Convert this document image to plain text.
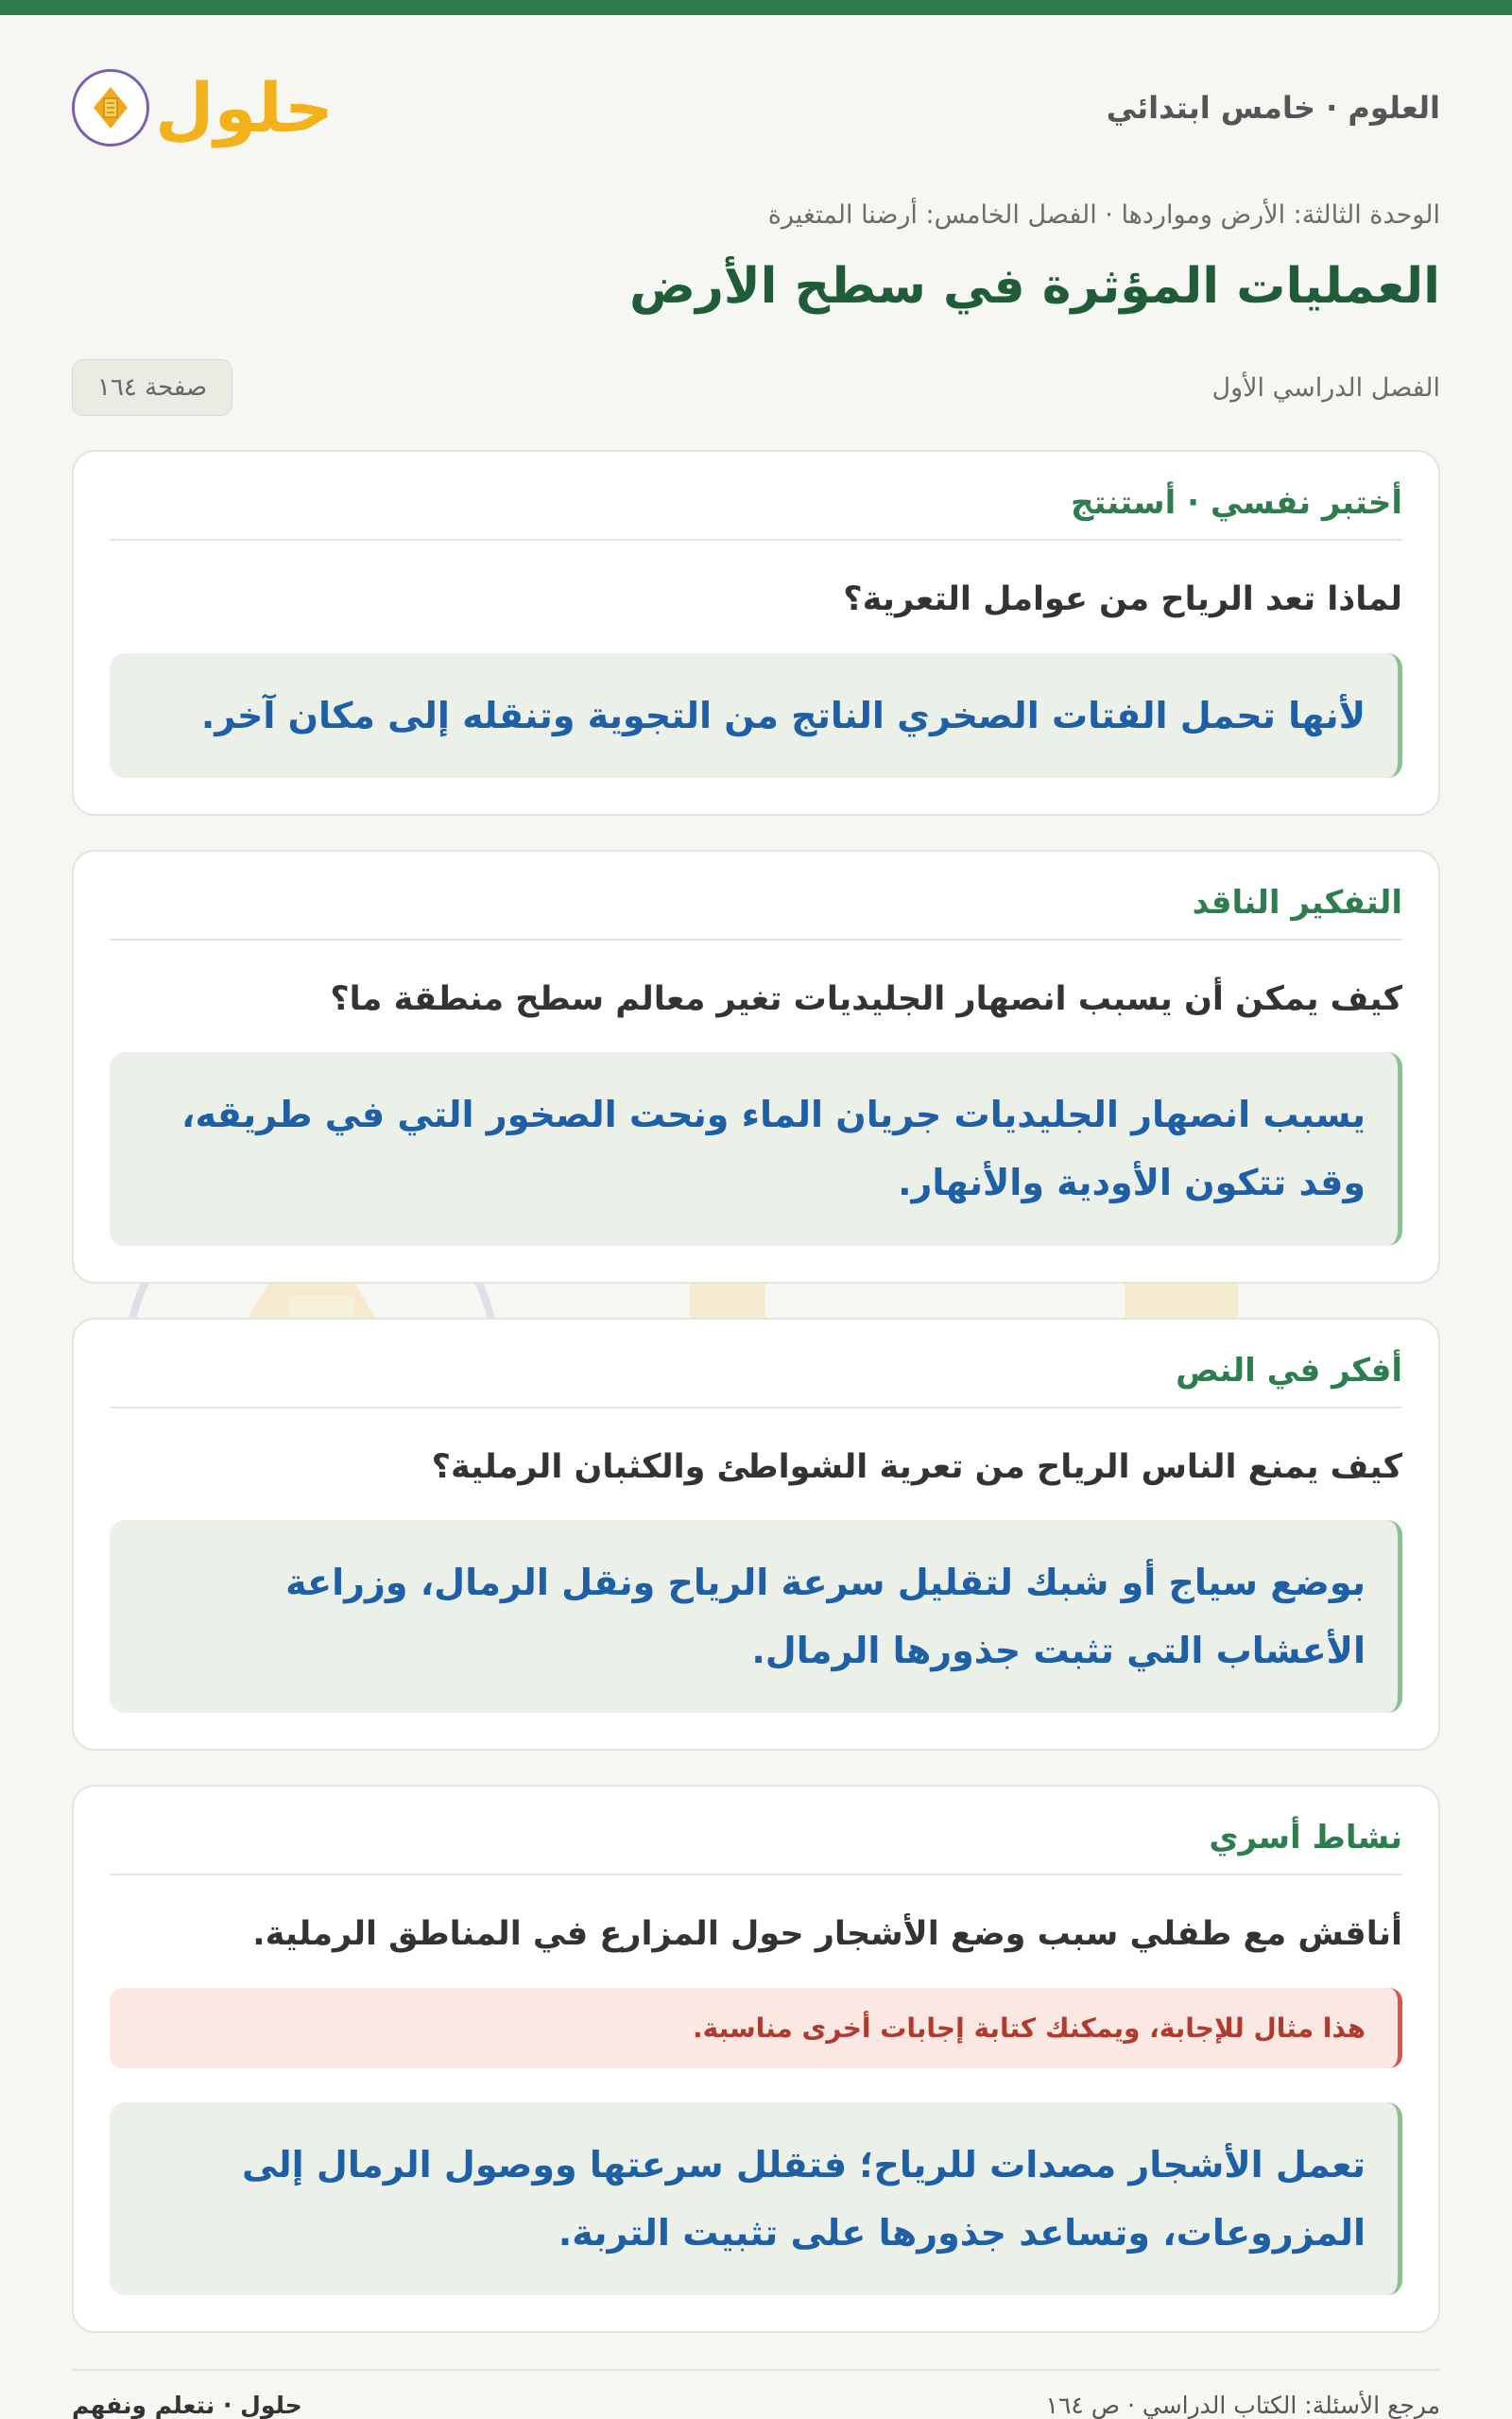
العلوم · خامس ابتدائي
حلول
الوحدة الثالثة: الأرض ومواردها · الفصل الخامس: أرضنا المتغيرة
العمليات المؤثرة في سطح الأرض
الفصل الدراسي الأول
صفحة ١٦٤
أختبر نفسي · أستنتج
لماذا تعد الرياح من عوامل التعرية؟
لأنها تحمل الفتات الصخري الناتج من التجوية وتنقله إلى مكان آخر.
التفكير الناقد
كيف يمكن أن يسبب انصهار الجليديات تغير معالم سطح منطقة ما؟
يسبب انصهار الجليديات جريان الماء ونحت الصخور التي في طريقه، وقد تتكون الأودية والأنهار.
أفكر في النص
كيف يمنع الناس الرياح من تعرية الشواطئ والكثبان الرملية؟
بوضع سياج أو شبك لتقليل سرعة الرياح ونقل الرمال، وزراعة الأعشاب التي تثبت جذورها الرمال.
نشاط أسري
أناقش مع طفلي سبب وضع الأشجار حول المزارع في المناطق الرملية.
هذا مثال للإجابة، ويمكنك كتابة إجابات أخرى مناسبة.
تعمل الأشجار مصدات للرياح؛ فتقلل سرعتها ووصول الرمال إلى المزروعات، وتساعد جذورها على تثبيت التربة.
مرجع الأسئلة: الكتاب الدراسي · ص ١٦٤
حلول · نتعلم ونفهم
